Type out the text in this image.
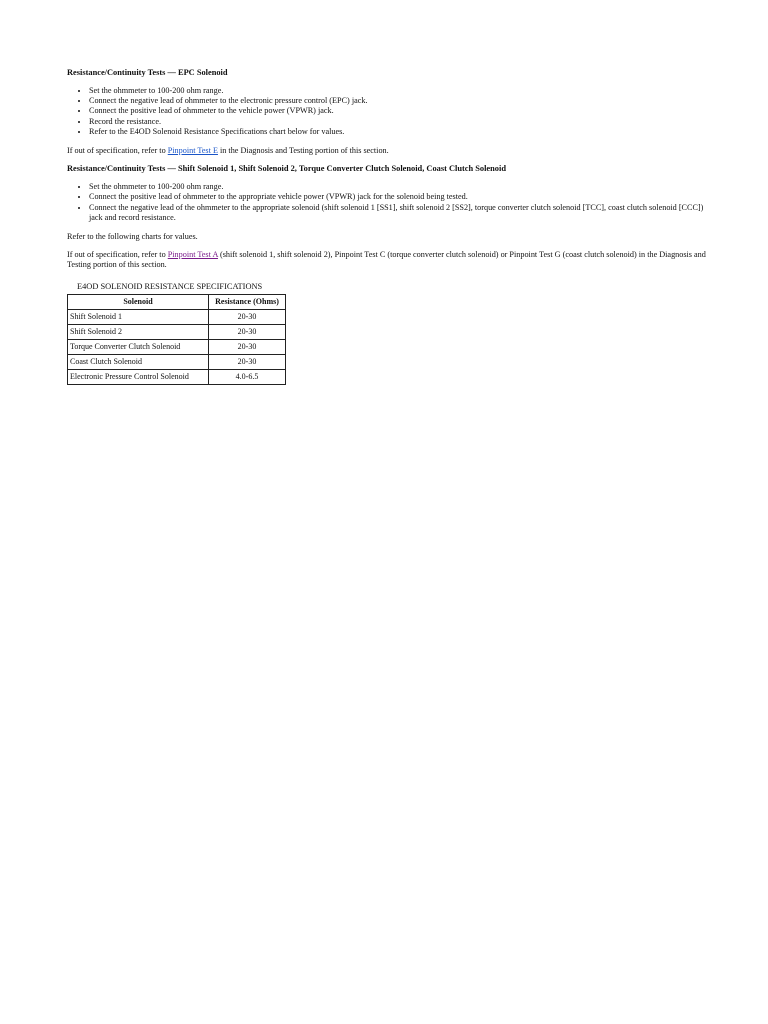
Resistance/Continuity Tests — EPC Solenoid
• Set the ohmmeter to 100-200 ohm range.
• Connect the negative lead of ohmmeter to the electronic pressure control (EPC) jack.
• Connect the positive lead of ohmmeter to the vehicle power (VPWR) jack.
• Record the resistance.
• Refer to the E4OD Solenoid Resistance Specifications chart below for values.

If out of specification, refer to Pinpoint Test E in the Diagnosis and Testing portion of this section.

Resistance/Continuity Tests — Shift Solenoid 1, Shift Solenoid 2, Torque Converter Clutch Solenoid, Coast Clutch Solenoid
• Set the ohmmeter to 100-200 ohm range.
• Connect the positive lead of ohmmeter to the appropriate vehicle power (VPWR) jack for the solenoid being tested.
• Connect the negative lead of the ohmmeter to the appropriate solenoid (shift solenoid 1 [SS1], shift solenoid 2 [SS2], torque converter clutch solenoid [TCC], coast clutch solenoid [CCC]) jack and record resistance.

Refer to the following charts for values.

If out of specification, refer to Pinpoint Test A (shift solenoid 1, shift solenoid 2), Pinpoint Test C (torque converter clutch solenoid) or Pinpoint Test G (coast clutch solenoid) in the Diagnosis and Testing portion of this section.

E4OD SOLENOID RESISTANCE SPECIFICATIONS
Solenoid	Resistance (Ohms)
Shift Solenoid 1	20-30
Shift Solenoid 2	20-30
Torque Converter Clutch Solenoid	20-30
Coast Clutch Solenoid	20-30
Electronic Pressure Control Solenoid	4.0-6.5
